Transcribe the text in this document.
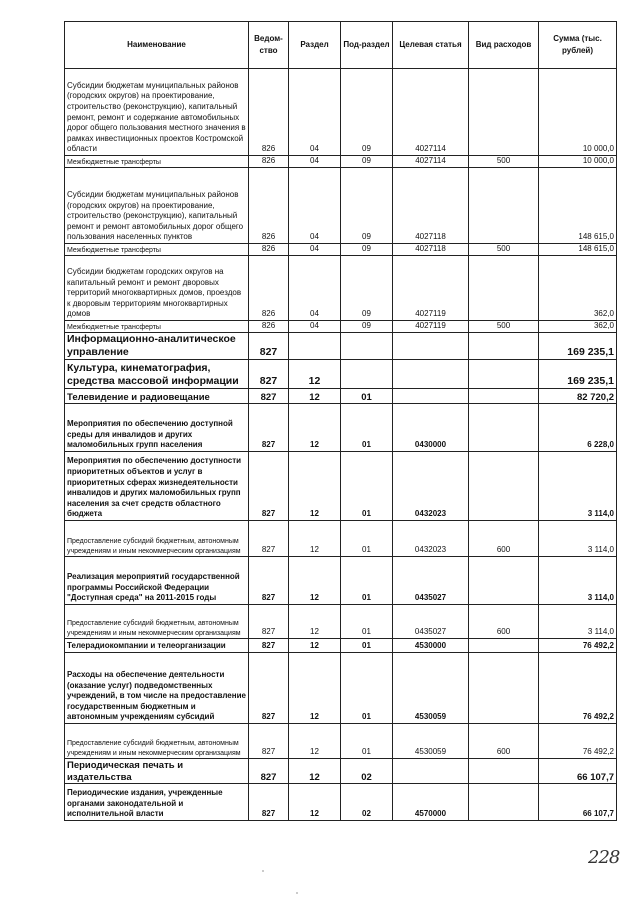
Наименование	Ведом-ство	Раздел	Под-раздел	Целевая статья	Вид расходов	Сумма (тыс. рублей)
Субсидии бюджетам муниципальных районов (городских округов) на проектирование, строительство (реконструкцию), капитальный ремонт, ремонт и содержание автомобильных дорог общего пользования местного значения в рамках инвестиционных проектов Костромской области	826	04	09	4027114		10 000,0
Межбюджетные трансферты	826	04	09	4027114	500	10 000,0
Субсидии бюджетам муниципальных районов (городских округов) на проектирование, строительство (реконструкцию), капитальный ремонт и ремонт автомобильных дорог общего пользования населенных пунктов	826	04	09	4027118		148 615,0
Межбюджетные трансферты	826	04	09	4027118	500	148 615,0
Субсидии бюджетам городских округов на капитальный ремонт и ремонт дворовых территорий многоквартирных домов, проездов к дворовым территориям многоквартирных домов	826	04	09	4027119		362,0
Межбюджетные трансферты	826	04	09	4027119	500	362,0
Информационно-аналитическое управление	827					169 235,1
Культура, кинематография, средства массовой информации	827	12				169 235,1
Телевидение и радиовещание	827	12	01			82 720,2
Мероприятия по обеспечению доступной среды для инвалидов и других маломобильных групп населения	827	12	01	0430000		6 228,0
Мероприятия по обеспечению доступности приоритетных объектов и услуг в приоритетных сферах жизнедеятельности инвалидов и других маломобильных групп населения за счет средств областного бюджета	827	12	01	0432023		3 114,0
Предоставление субсидий бюджетным, автономным учреждениям и иным некоммерческим организациям	827	12	01	0432023	600	3 114,0
Реализация мероприятий государственной программы Российской Федерации "Доступная среда" на 2011-2015 годы	827	12	01	0435027		3 114,0
Предоставление субсидий бюджетным, автономным учреждениям и иным некоммерческим организациям	827	12	01	0435027	600	3 114,0
Телерадиокомпании и телеорганизации	827	12	01	4530000		76 492,2
Расходы на обеспечение деятельности (оказание услуг) подведомственных учреждений, в том числе на предоставление государственным бюджетным и автономным учреждениям субсидий	827	12	01	4530059		76 492,2
Предоставление субсидий бюджетным, автономным учреждениям и иным некоммерческим организациям	827	12	01	4530059	600	76 492,2
Периодическая печать и издательства	827	12	02			66 107,7
Периодические издания, учрежденные органами законодательной и исполнительной власти	827	12	02	4570000		66 107,7
228
